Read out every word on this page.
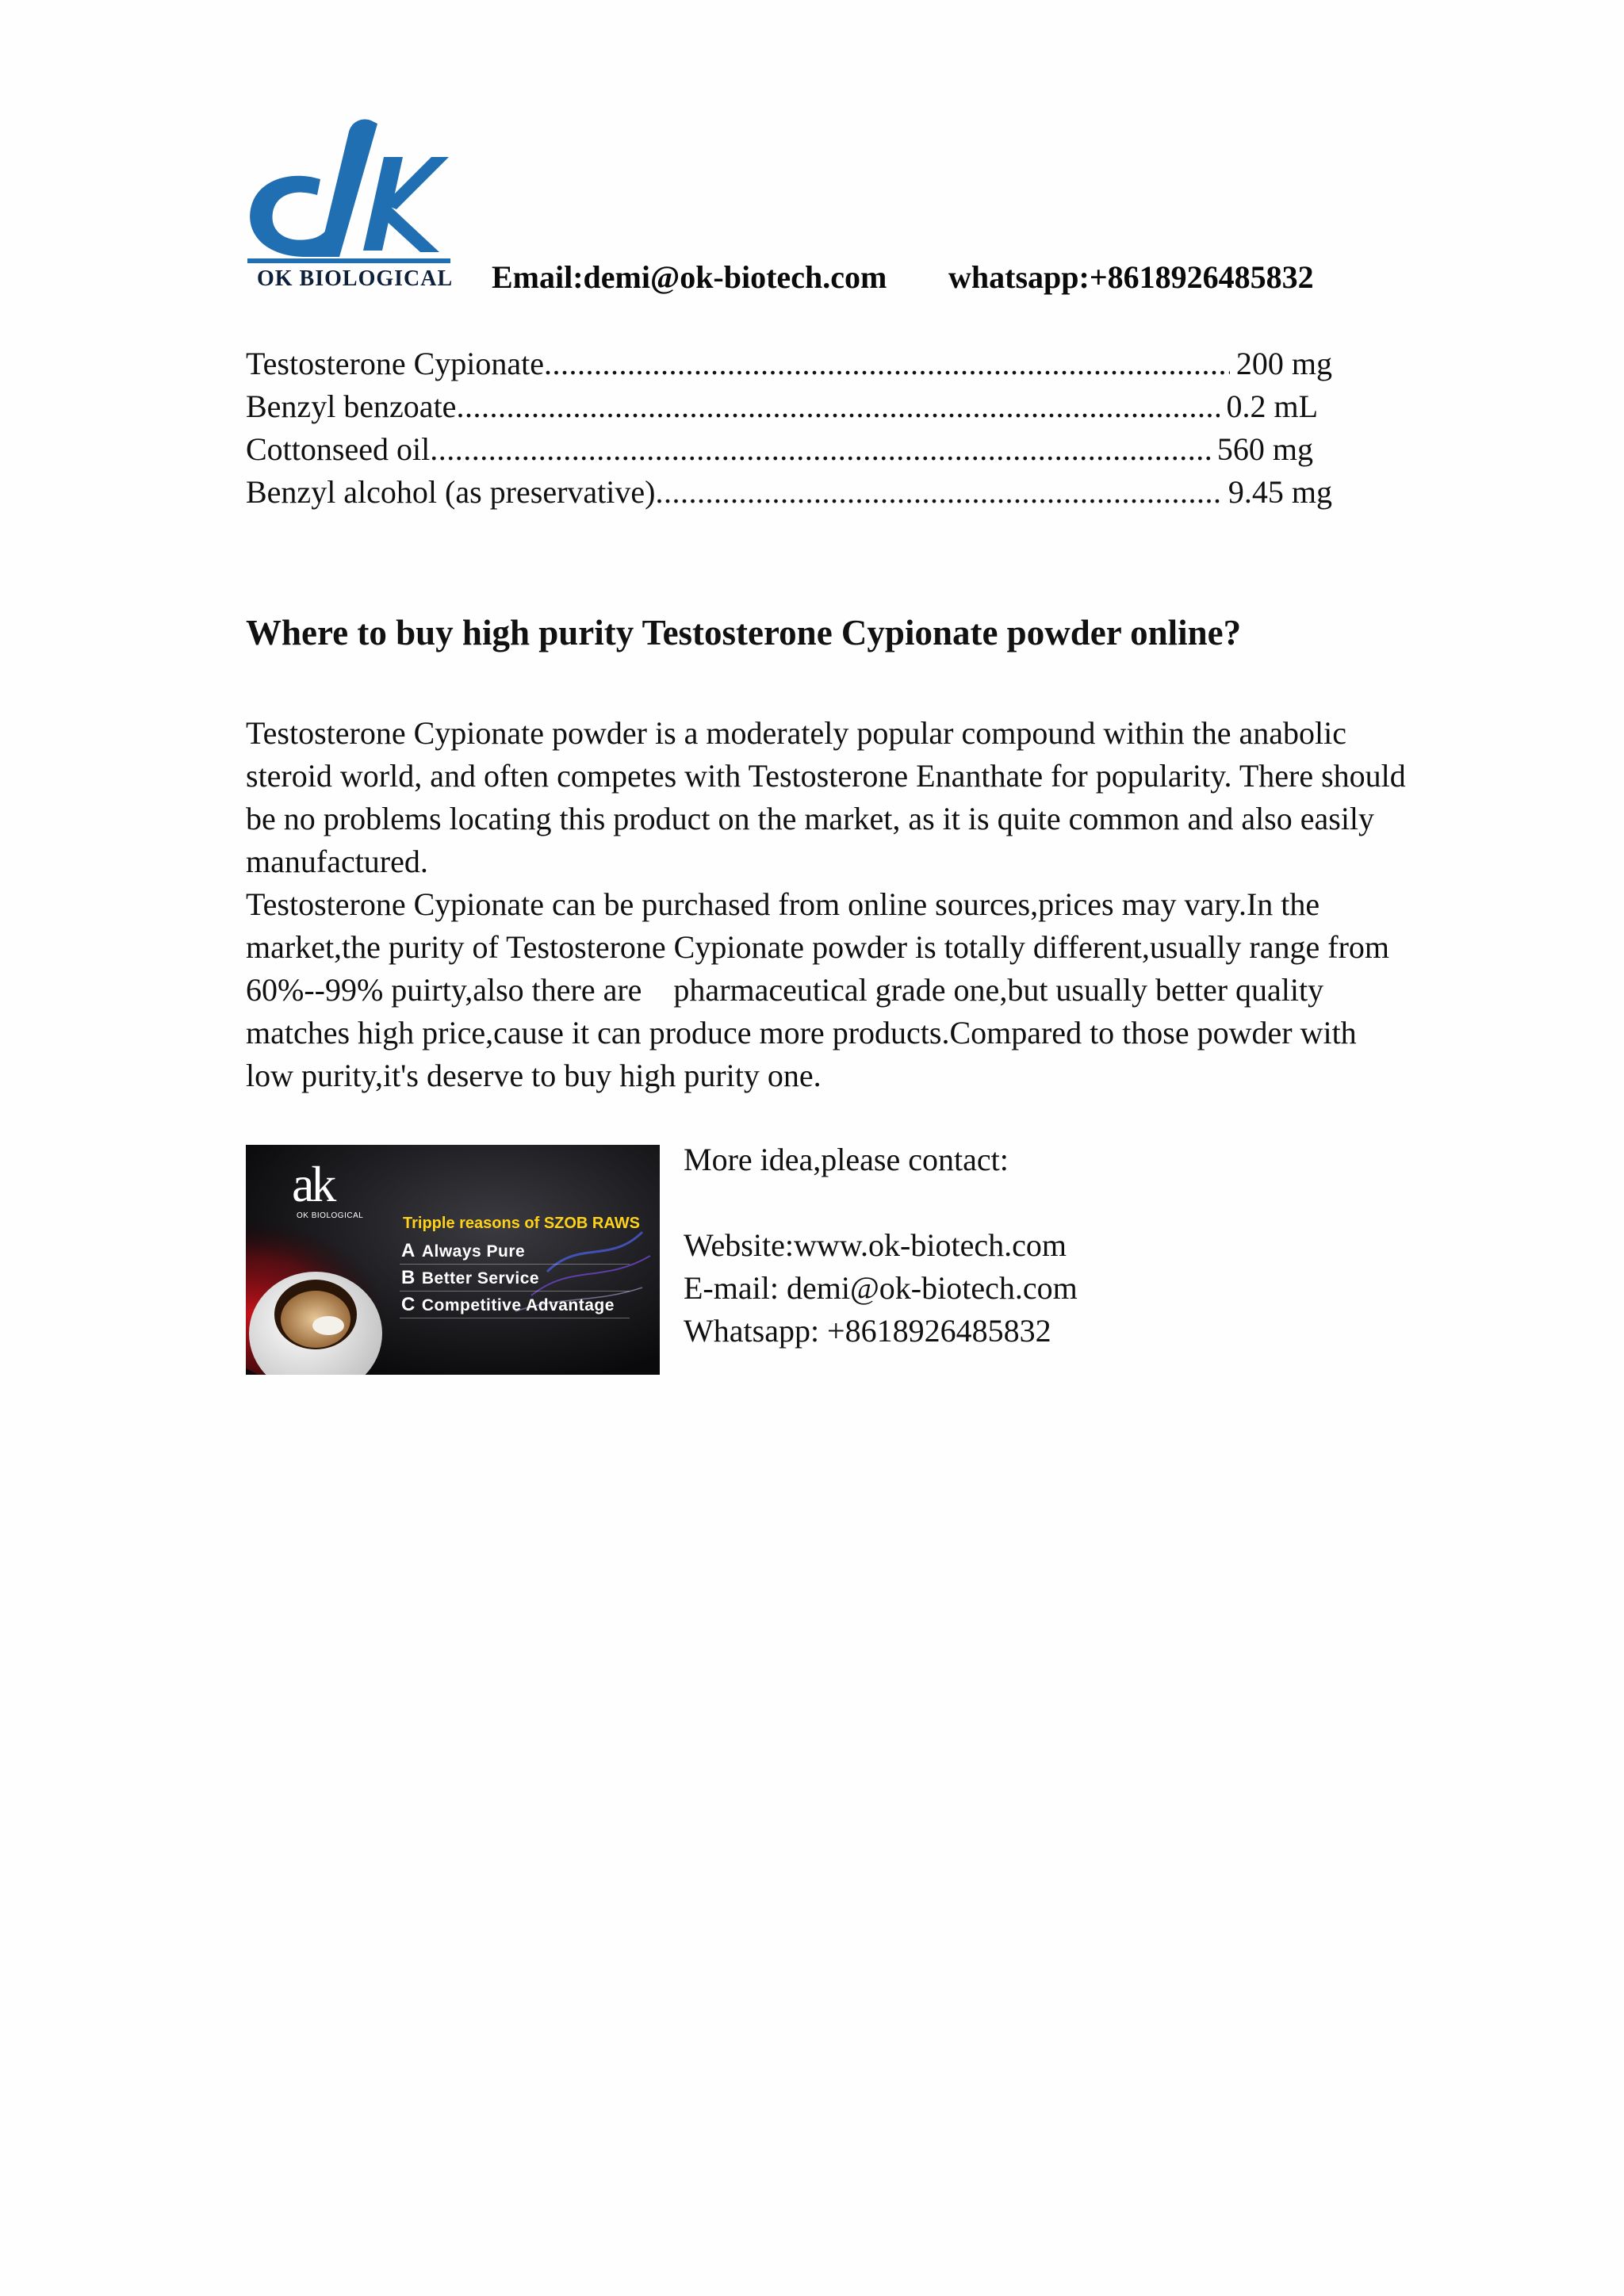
OK BIOLOGICAL Email:demi@ok-biotech.com whatsapp:+8618926485832
Testosterone Cypionate .....	200 mg
Benzyl benzoate .....	0.2 mL
Cottonseed oil .....	560 mg
Benzyl alcohol (as preservative) .....	9.45 mg
Where to buy high purity Testosterone Cypionate powder online?

Testosterone Cypionate powder is a moderately popular compound within the anabolic steroid world, and often competes with Testosterone Enanthate for popularity. There should be no problems locating this product on the market, as it is quite common and also easily manufactured.

Testosterone Cypionate can be purchased from online sources,prices may vary.In the market,the purity of Testosterone Cypionate powder is totally different,usually range from 60%--99% puirty,also there are    pharmaceutical grade one,but usually better quality matches high price,cause it can produce more products.Compared to those powder with low purity,it's deserve to buy high purity one.

ak
OK BIOLOGICAL Tripple reasons of SZOB RAWS
A Always Pure
B Better Service
C Competitive Advantage
More idea,please contact:
Website:www.ok-biotech.com
E-mail: demi@ok-biotech.com
Whatsapp: +8618926485832
